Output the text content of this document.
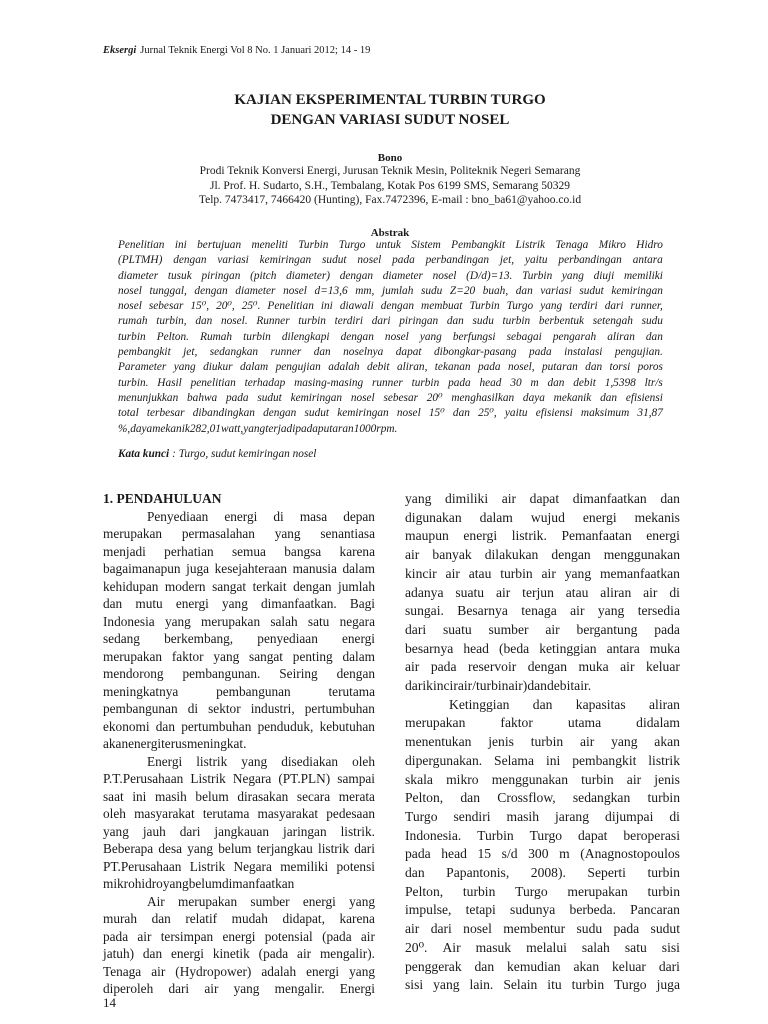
Eksergi Jurnal Teknik Energi Vol 8 No. 1 Januari 2012; 14 - 19
KAJIAN EKSPERIMENTAL TURBIN TURGO
DENGAN VARIASI SUDUT NOSEL
Bono
Prodi Teknik Konversi Energi, Jurusan Teknik Mesin, Politeknik Negeri Semarang
Jl. Prof. H. Sudarto, S.H., Tembalang, Kotak Pos 6199 SMS, Semarang 50329
Telp. 7473417, 7466420 (Hunting), Fax.7472396, E-mail : bno_ba61@yahoo.co.id
Abstrak
Penelitian ini bertujuan meneliti Turbin Turgo untuk Sistem Pembangkit Listrik Tenaga Mikro Hidro
(PLTMH) dengan variasi kemiringan sudut nosel pada perbandingan jet, yaitu perbandingan antara
diameter tusuk piringan (pitch diameter) dengan diameter nosel (D/d)=13. Turbin yang diuji memiliki
nosel tunggal, dengan diameter nosel d=13,6 mm, jumlah sudu Z=20 buah, dan variasi sudut kemiringan
nosel sebesar 15⁰, 20⁰, 25⁰. Penelitian ini diawali dengan membuat Turbin Turgo yang terdiri dari runner,
rumah turbin, dan nosel. Runner turbin terdiri dari piringan dan sudu turbin berbentuk setengah sudu
turbin Pelton. Rumah turbin dilengkapi dengan nosel yang berfungsi sebagai pengarah aliran dan
pembangkit jet, sedangkan runner dan noselnya dapat dibongkar-pasang pada instalasi pengujian.
Parameter yang diukur dalam pengujian adalah debit aliran, tekanan pada nosel, putaran dan torsi poros
turbin. Hasil penelitian terhadap masing-masing runner turbin pada head 30 m dan debit 1,5398 ltr/s
menunjukkan bahwa pada sudut kemiringan nosel sebesar 20⁰ menghasilkan daya mekanik dan efisiensi
total terbesar dibandingkan dengan sudut kemiringan nosel 15⁰ dan 25⁰, yaitu efisiensi maksimum 31,87
%, daya mekanik 282,01 watt, yang terjadi pada putaran 1000 rpm.
Kata kunci : Turgo, sudut kemiringan nosel
1. PENDAHULUAN
Penyediaan energi di masa depan
merupakan permasalahan yang senantiasa
menjadi perhatian semua bangsa karena
bagaimanapun juga kesejahteraan manusia dalam
kehidupan modern sangat terkait dengan jumlah
dan mutu energi yang dimanfaatkan. Bagi
Indonesia yang merupakan salah satu negara
sedang berkembang, penyediaan energi
merupakan faktor yang sangat penting dalam
mendorong pembangunan. Seiring dengan
meningkatnya	pembangunan	terutama
pembangunan di sektor industri, pertumbuhan
ekonomi dan pertumbuhan penduduk, kebutuhan
akan energi terus meningkat.
Energi listrik yang disediakan oleh
P.T.Perusahaan Listrik Negara (PT.PLN) sampai
saat ini masih belum dirasakan secara merata
oleh masyarakat terutama masyarakat pedesaan
yang jauh dari jangkauan jaringan listrik.
Beberapa desa yang belum terjangkau listrik dari
PT.Perusahaan Listrik Negara memiliki potensi
mikrohidro yang belum dimanfaatkan
Air merupakan sumber energi yang
murah dan relatif mudah didapat, karena
pada air tersimpan energi potensial (pada air
jatuh) dan energi kinetik (pada air mengalir).
Tenaga air (Hydropower) adalah energi yang
diperoleh dari air yang mengalir. Energi
yang dimiliki air dapat dimanfaatkan dan
digunakan dalam wujud energi mekanis
maupun energi listrik. Pemanfaatan energi
air banyak dilakukan dengan menggunakan
kincir air atau turbin air yang memanfaatkan
adanya suatu air terjun atau aliran air di
sungai. Besarnya tenaga air yang tersedia
dari suatu sumber air bergantung pada
besarnya head (beda ketinggian antara muka
air pada reservoir dengan muka air keluar
dari kincir air/turbin air) dan debit air.
Ketinggian dan kapasitas aliran
merupakan	faktor	utama	didalam
menentukan jenis turbin air yang akan
dipergunakan. Selama ini pembangkit listrik
skala mikro menggunakan turbin air jenis
Pelton, dan Crossflow, sedangkan turbin
Turgo sendiri masih jarang dijumpai di
Indonesia. Turbin Turgo dapat beroperasi
pada head 15 s/d 300 m (Anagnostopoulos
dan Papantonis, 2008). Seperti turbin
Pelton, turbin Turgo merupakan turbin
impulse, tetapi sudunya berbeda. Pancaran
air dari nosel membentur sudu pada sudut
20⁰. Air masuk melalui salah satu sisi
penggerak dan kemudian akan keluar dari
sisi yang lain. Selain itu turbin Turgo juga
14
